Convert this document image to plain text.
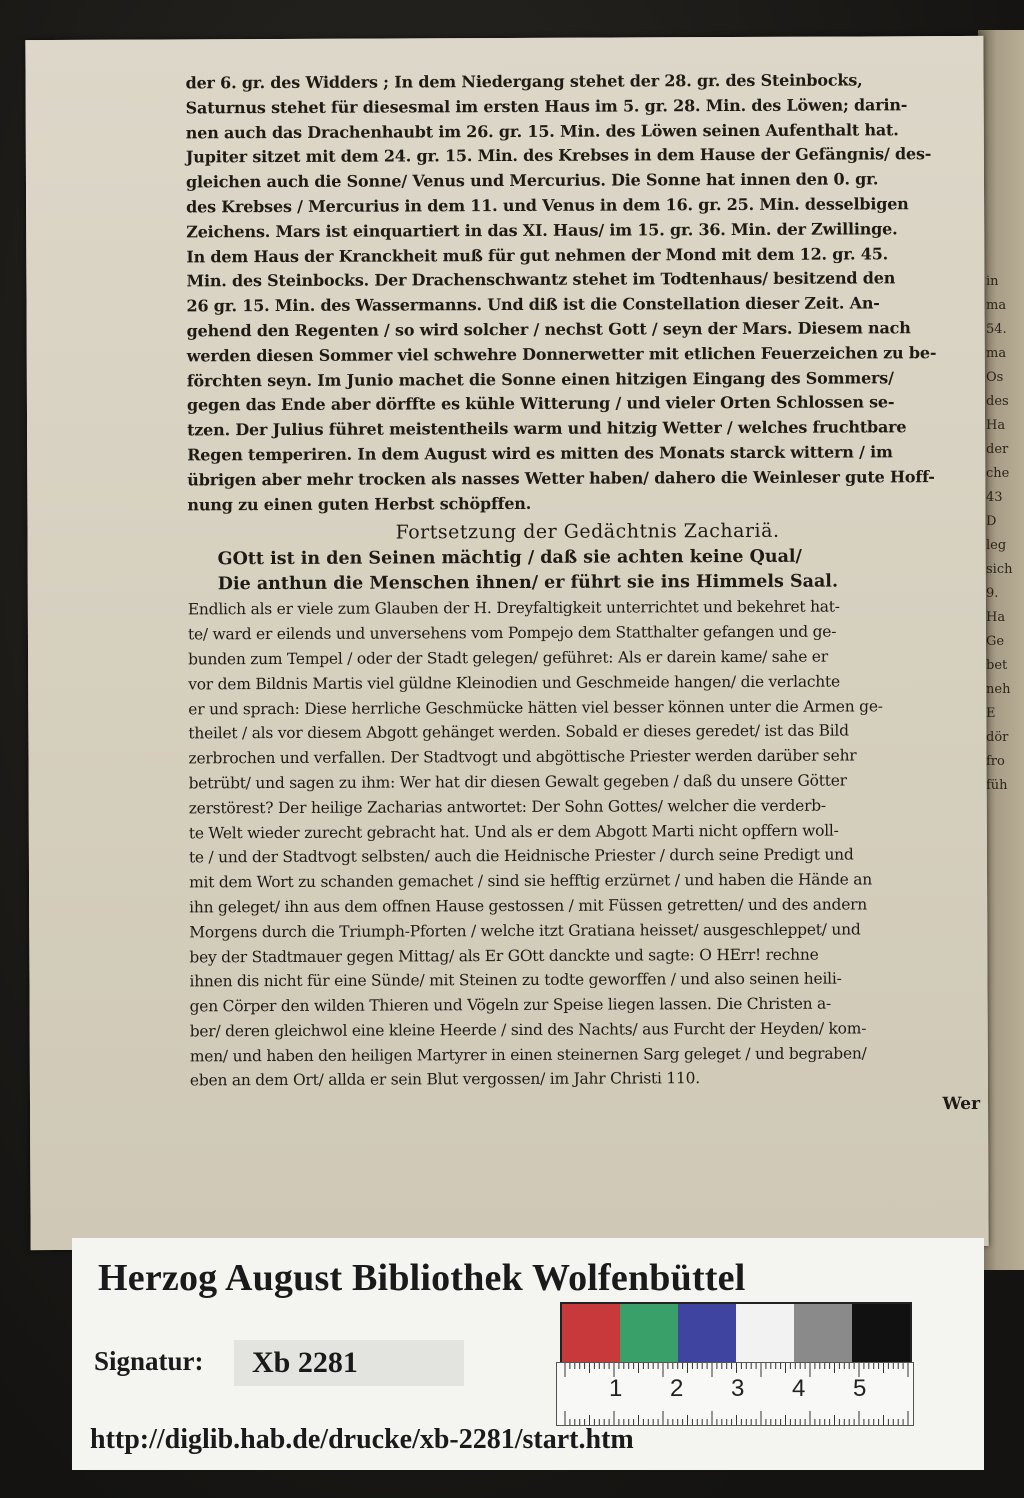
in
ma
54.
ma
Os
des
Ha
der
che
43
D
leg
sich
9.
Ha
Ge
bet
neh
E
dör
fro
füh
der 6. gr. des Widders ; In dem Niedergang stehet der 28. gr. des Steinbocks,
Saturnus stehet für diesesmal im ersten Haus im 5. gr. 28. Min. des Löwen; darin-
nen auch das Drachenhaubt im 26. gr. 15. Min. des Löwen seinen Aufenthalt hat.
Jupiter sitzet mit dem 24. gr. 15. Min. des Krebses in dem Hause der Gefängnis/ des-
gleichen auch die Sonne/ Venus und Mercurius. Die Sonne hat innen den 0. gr.
des Krebses / Mercurius in dem 11. und Venus in dem 16. gr. 25. Min. desselbigen
Zeichens. Mars ist einquartiert in das XI. Haus/ im 15. gr. 36. Min. der Zwillinge.
In dem Haus der Kranckheit muß für gut nehmen der Mond mit dem 12. gr. 45.
Min. des Steinbocks. Der Drachenschwantz stehet im Todtenhaus/ besitzend den
26 gr. 15. Min. des Wassermanns. Und diß ist die Constellation dieser Zeit. An-
gehend den Regenten / so wird solcher / nechst Gott / seyn der Mars. Diesem nach
werden diesen Sommer viel schwehre Donnerwetter mit etlichen Feuerzeichen zu be-
förchten seyn. Im Junio machet die Sonne einen hitzigen Eingang des Sommers/
gegen das Ende aber dörffte es kühle Witterung / und vieler Orten Schlossen se-
tzen. Der Julius führet meistentheils warm und hitzig Wetter / welches fruchtbare
Regen temperiren. In dem August wird es mitten des Monats starck wittern / im
übrigen aber mehr trocken als nasses Wetter haben/ dahero die Weinleser gute Hoff-
nung zu einen guten Herbst schöpffen.
Fortsetzung der Gedächtnis Zachariä.
GOtt ist in den Seinen mächtig / daß sie achten keine Qual/
Die anthun die Menschen ihnen/ er führt sie ins Himmels Saal.
Endlich als er viele zum Glauben der H. Dreyfaltigkeit unterrichtet und bekehret hat-
te/ ward er eilends und unversehens vom Pompejo dem Statthalter gefangen und ge-
bunden zum Tempel / oder der Stadt gelegen/ geführet: Als er darein kame/ sahe er
vor dem Bildnis Martis viel güldne Kleinodien und Geschmeide hangen/ die verlachte
er und sprach: Diese herrliche Geschmücke hätten viel besser können unter die Armen ge-
theilet / als vor diesem Abgott gehänget werden. Sobald er dieses geredet/ ist das Bild
zerbrochen und verfallen. Der Stadtvogt und abgöttische Priester werden darüber sehr
betrübt/ und sagen zu ihm: Wer hat dir diesen Gewalt gegeben / daß du unsere Götter
zerstörest? Der heilige Zacharias antwortet: Der Sohn Gottes/ welcher die verderb-
te Welt wieder zurecht gebracht hat. Und als er dem Abgott Marti nicht opffern woll-
te / und der Stadtvogt selbsten/ auch die Heidnische Priester / durch seine Predigt und
mit dem Wort zu schanden gemachet / sind sie hefftig erzürnet / und haben die Hände an
ihn geleget/ ihn aus dem offnen Hause gestossen / mit Füssen getretten/ und des andern
Morgens durch die Triumph-Pforten / welche itzt Gratiana heisset/ ausgeschleppet/ und
bey der Stadtmauer gegen Mittag/ als Er GOtt danckte und sagte: O HErr! rechne
ihnen dis nicht für eine Sünde/ mit Steinen zu todte geworffen / und also seinen heili-
gen Cörper den wilden Thieren und Vögeln zur Speise liegen lassen. Die Christen a-
ber/ deren gleichwol eine kleine Heerde / sind des Nachts/ aus Furcht der Heyden/ kom-
men/ und haben den heiligen Martyrer in einen steinernen Sarg geleget / und begraben/
eben an dem Ort/ allda er sein Blut vergossen/ im Jahr Christi 110.
Wer
Herzog August Bibliothek Wolfenbüttel
Signatur:	Xb 2281
1 2 3 4 5
http://diglib.hab.de/drucke/xb-2281/start.htm
